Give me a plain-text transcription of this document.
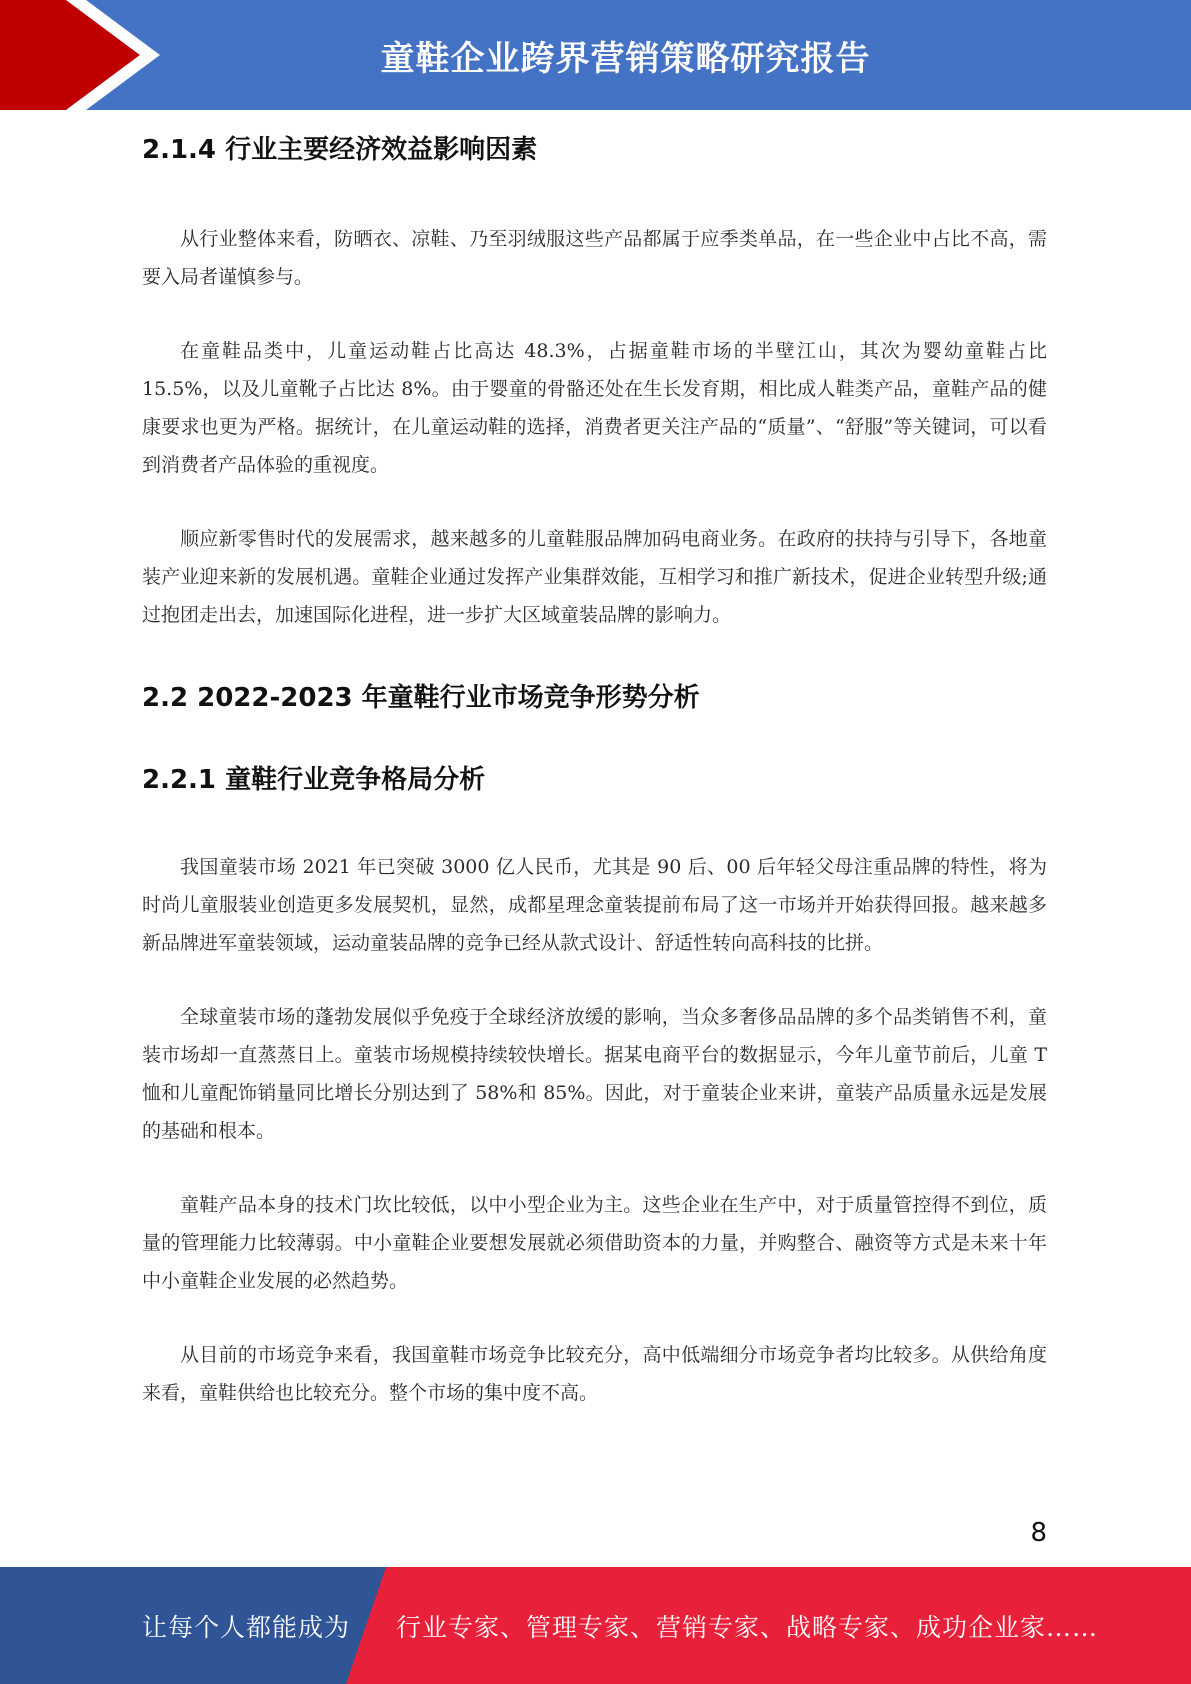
童鞋企业跨界营销策略研究报告
2.1.4 行业主要经济效益影响因素

从行业整体来看，防晒衣、凉鞋、乃至羽绒服这些产品都属于应季类单品，在一些企业中占比不高，需要入局者谨慎参与。

在童鞋品类中，儿童运动鞋占比高达 48.3%，占据童鞋市场的半壁江山，其次为婴幼童鞋占比 15.5%，以及儿童靴子占比达 8%。由于婴童的骨骼还处在生长发育期，相比成人鞋类产品，童鞋产品的健康要求也更为严格。据统计，在儿童运动鞋的选择，消费者更关注产品的“质量”、“舒服”等关键词，可以看到消费者产品体验的重视度。

顺应新零售时代的发展需求，越来越多的儿童鞋服品牌加码电商业务。在政府的扶持与引导下，各地童装产业迎来新的发展机遇。童鞋企业通过发挥产业集群效能，互相学习和推广新技术，促进企业转型升级;通过抱团走出去，加速国际化进程，进一步扩大区域童装品牌的影响力。

2.2 2022-2023 年童鞋行业市场竞争形势分析
2.2.1 童鞋行业竞争格局分析

我国童装市场 2021 年已突破 3000 亿人民币，尤其是 90 后、00 后年轻父母注重品牌的特性，将为时尚儿童服装业创造更多发展契机，显然，成都星理念童装提前布局了这一市场并开始获得回报。越来越多新品牌进军童装领域，运动童装品牌的竞争已经从款式设计、舒适性转向高科技的比拼。

全球童装市场的蓬勃发展似乎免疫于全球经济放缓的影响，当众多奢侈品品牌的多个品类销售不利，童装市场却一直蒸蒸日上。童装市场规模持续较快增长。据某电商平台的数据显示，今年儿童节前后，儿童 T 恤和儿童配饰销量同比增长分别达到了 58%和 85%。因此，对于童装企业来讲，童装产品质量永远是发展的基础和根本。

童鞋产品本身的技术门坎比较低，以中小型企业为主。这些企业在生产中，对于质量管控得不到位，质量的管理能力比较薄弱。中小童鞋企业要想发展就必须借助资本的力量，并购整合、融资等方式是未来十年中小童鞋企业发展的必然趋势。

从目前的市场竞争来看，我国童鞋市场竞争比较充分，高中低端细分市场竞争者均比较多。从供给角度来看，童鞋供给也比较充分。整个市场的集中度不高。

8
让每个人都能成为 行业专家、管理专家、营销专家、战略专家、成功企业家……
